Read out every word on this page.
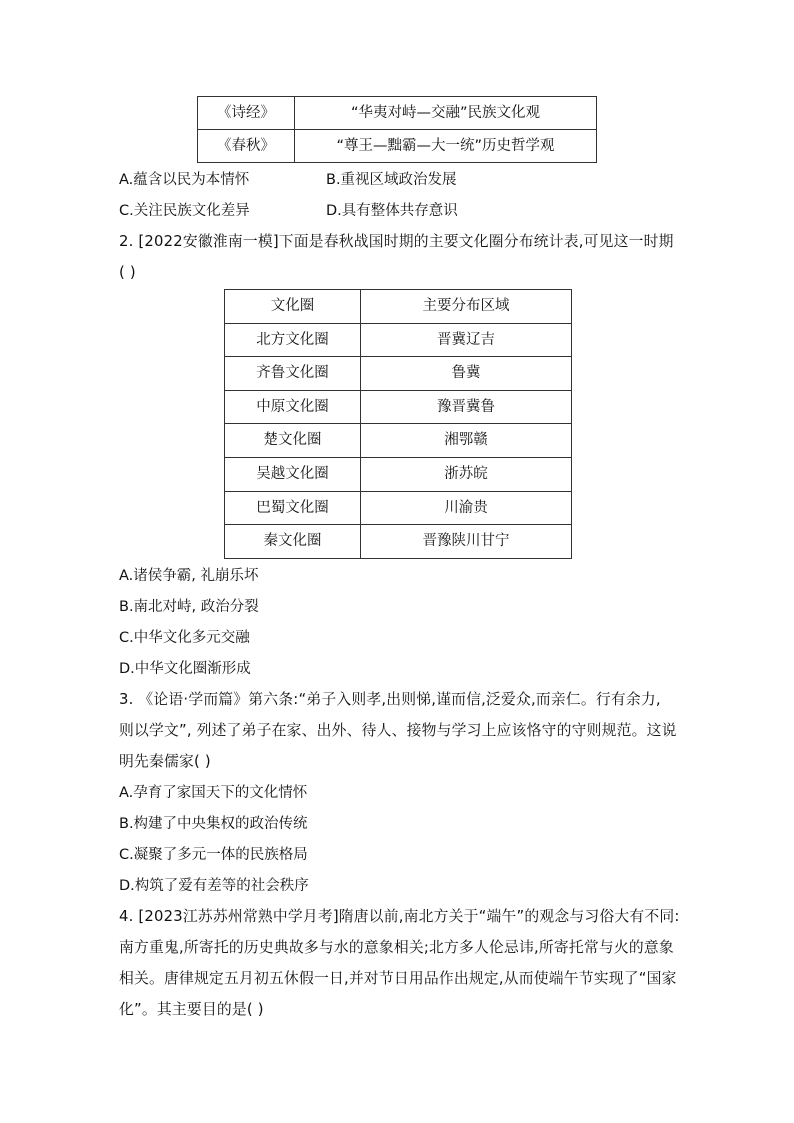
《诗经》	“华夷对峙—交融”民族文化观
《春秋》	“尊王—黜霸—大一统”历史哲学观
A.蕴含以民为本情怀	B.重视区域政治发展
C.关注民族文化差异	D.具有整体共存意识
2. [2022安徽淮南一模]下面是春秋战国时期的主要文化圈分布统计表,可见这一时期
( )
文化圈	主要分布区域
北方文化圈	晋冀辽吉
齐鲁文化圈	鲁冀
中原文化圈	豫晋冀鲁
楚文化圈	湘鄂赣
吴越文化圈	浙苏皖
巴蜀文化圈	川渝贵
秦文化圈	晋豫陕川甘宁
A.诸侯争霸, 礼崩乐坏
B.南北对峙, 政治分裂
C.中华文化多元交融
D.中华文化圈渐形成
3. 《论语·学而篇》第六条:“弟子入则孝,出则悌,谨而信,泛爱众,而亲仁。行有余力,
则以学文”, 列述了弟子在家、出外、待人、接物与学习上应该恪守的守则规范。这说
明先秦儒家( )
A.孕育了家国天下的文化情怀
B.构建了中央集权的政治传统
C.凝聚了多元一体的民族格局
D.构筑了爱有差等的社会秩序
4. [2023江苏苏州常熟中学月考]隋唐以前,南北方关于“端午”的观念与习俗大有不同:
南方重鬼,所寄托的历史典故多与水的意象相关;北方多人伦忌讳,所寄托常与火的意象
相关。唐律规定五月初五休假一日,并对节日用品作出规定,从而使端午节实现了“国家
化”。其主要目的是( )
